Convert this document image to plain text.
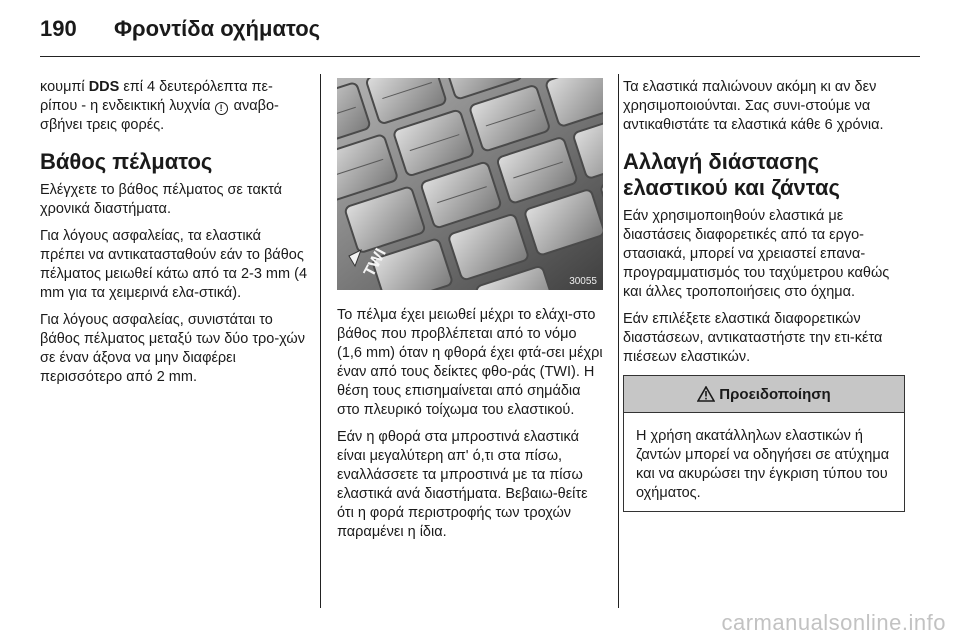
190 Φροντίδα οχήματος

κουμπί DDS επί 4 δευτερόλεπτα πε-ρίπου - η ενδεικτική λυχνία ! αναβο-σβήνει τρεις φορές.

Βάθος πέλματος

Ελέγχετε το βάθος πέλματος σε τακτά χρονικά διαστήματα.

Για λόγους ασφαλείας, τα ελαστικά πρέπει να αντικατασταθούν εάν το βάθος πέλματος μειωθεί κάτω από τα 2-3 mm (4 mm για τα χειμερινά ελα-στικά).

Για λόγους ασφαλείας, συνιστάται το βάθος πέλματος μεταξύ των δύο τρο-χών σε έναν άξονα να μην διαφέρει περισσότερο από 2 mm.

TWI
30055

Το πέλμα έχει μειωθεί μέχρι το ελάχι-στο βάθος που προβλέπεται από το νόμο (1,6 mm) όταν η φθορά έχει φτά-σει μέχρι έναν από τους δείκτες φθο-ράς (TWI). Η θέση τους επισημαίνεται από σημάδια στο πλευρικό τοίχωμα του ελαστικού.

Εάν η φθορά στα μπροστινά ελαστικά είναι μεγαλύτερη απ' ό,τι στα πίσω, εναλλάσσετε τα μπροστινά με τα πίσω ελαστικά ανά διαστήματα. Βεβαιω-θείτε ότι η φορά περιστροφής των τροχών παραμένει η ίδια.

Τα ελαστικά παλιώνουν ακόμη κι αν δεν χρησιμοποιούνται. Σας συνι-στούμε να αντικαθιστάτε τα ελαστικά κάθε 6 χρόνια.

Αλλαγή διάστασης ελαστικού και ζάντας

Εάν χρησιμοποιηθούν ελαστικά με διαστάσεις διαφορετικές από τα εργο-στασιακά, μπορεί να χρειαστεί επανα-προγραμματισμός του ταχύμετρου καθώς και άλλες τροποποιήσεις στο όχημα.

Εάν επιλέξετε ελαστικά διαφορετικών διαστάσεων, αντικαταστήστε την ετι-κέτα πιέσεων ελαστικών.

Προειδοποίηση

Η χρήση ακατάλληλων ελαστικών ή ζαντών μπορεί να οδηγήσει σε ατύχημα και να ακυρώσει την έγκριση τύπου του οχήματος.

carmanualsonline.info
